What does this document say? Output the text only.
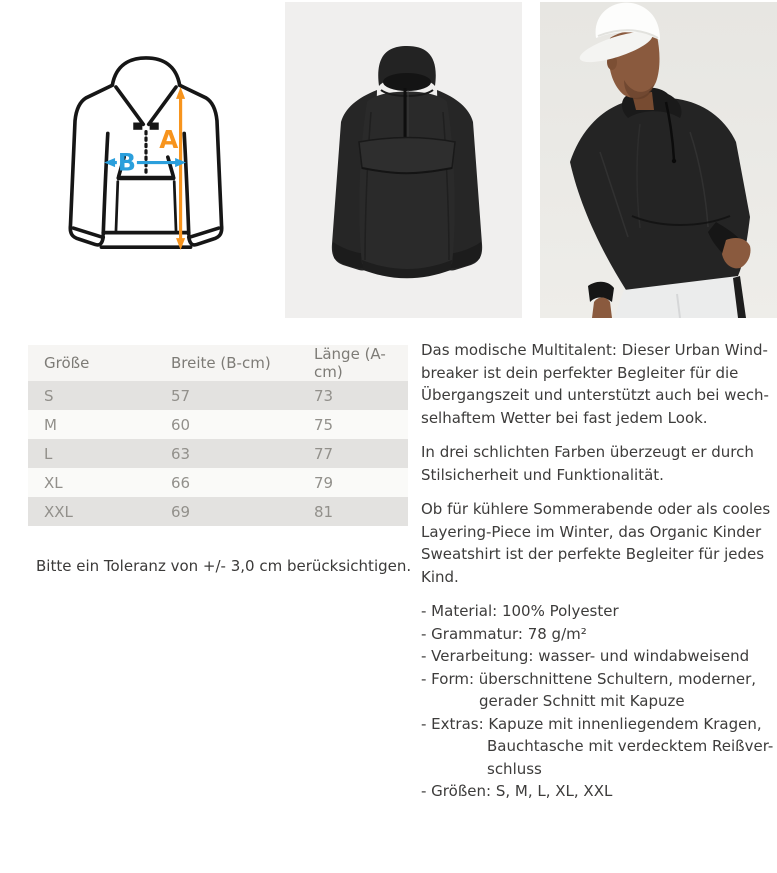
A
B
Größe	Breite (B-cm)	Länge (A-cm)
S	57	73
M	60	75
L	63	77
XL	66	79
XXL	69	81

Bitte ein Toleranz von +/- 3,0 cm berücksichtigen.

Das modische Multitalent: Dieser Urban Windbreaker ist dein perfekter Begleiter für die Übergangszeit und unterstützt auch bei wechselhaftem Wetter bei fast jedem Look.

In drei schlichten Farben überzeugt er durch Stilsicherheit und Funktionalität.

Ob für kühlere Sommerabende oder als cooles Layering-Piece im Winter, das Organic Kinder Sweatshirt ist der perfekte Begleiter für jedes Kind.

- Material: 100% Polyester
- Grammatur: 78 g/m²
- Verarbeitung: wasser- und windabweisend
- Form: überschnittene Schultern, moderner,
gerader Schnitt mit Kapuze
- Extras: Kapuze mit innenliegendem Kragen,
Bauchtasche mit verdecktem Reißver-
schluss
- Größen: S, M, L, XL, XXL
